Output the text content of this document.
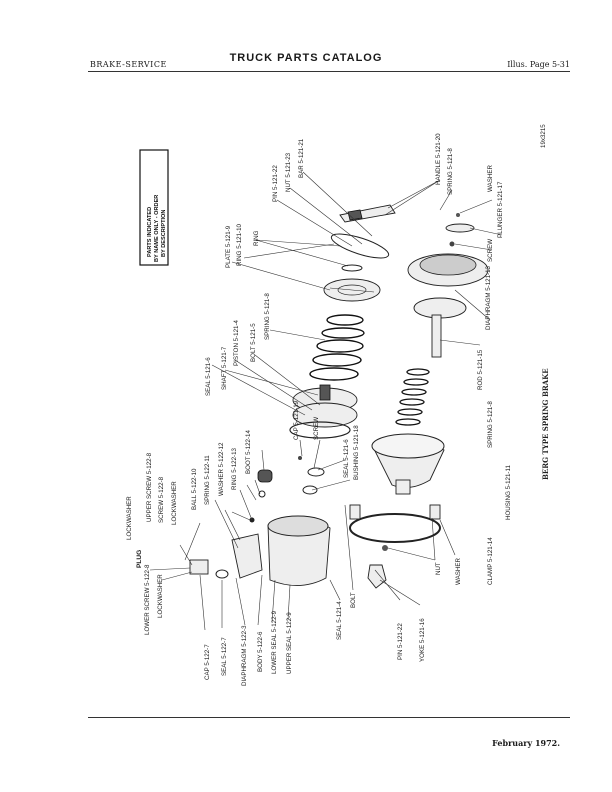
BRAKE-SERVICE
TRUCK PARTS CATALOG
Illus. Page 5-31
PARTS INDICATED BY NAME ONLY - ORDER BY DESCRIPTION
19x3215
BERG TYPE SPRING BRAKE
PLUG
LOCKWASHER UPPER SCREW 5-122-8 SCREW 5-122-8 LOCKWASHER BALL 5-122-10 SPRING 5-122-11 WASHER 5-122-12 RING 5-122-13 BOOT 5-122-14
LOWER SCREW 5-122-8 LOCKWASHER
CAP 5-122-7 SEAL 5-122-7 DIAPHRAGM 5-122-3 BODY 5-122-6 LOWER SEAL 5-122-9 UPPER SEAL 5-122-9
SEAL 5-121-6 SHAFT 5-121-7
PISTON 5-121-4 BOLT 5-121-5
SPRING 5-121-8
PLATE 5-121-9 RING 5-121-10 RING
PIN 5-121-22 NUT 5-121-23 BAR 5-121-21	HANDLE 5-121-20 SPRING 5-121-8	WASHER
PLUNGER 5-121-17
SCREW
DIAPHRAGM 5-121-13
ROD 5-121-15
SPRING 5-121-8
CAP 5-121-19 SCREW
SEAL 5-121-6 BUSHING 5-121-18
HOUSING 5-121-11
CLAMP 5-121-14
NUT WASHER
BOLT
SEAL 5-121-4
PIN 5-121-22 YOKE 5-121-16
February 1972.
